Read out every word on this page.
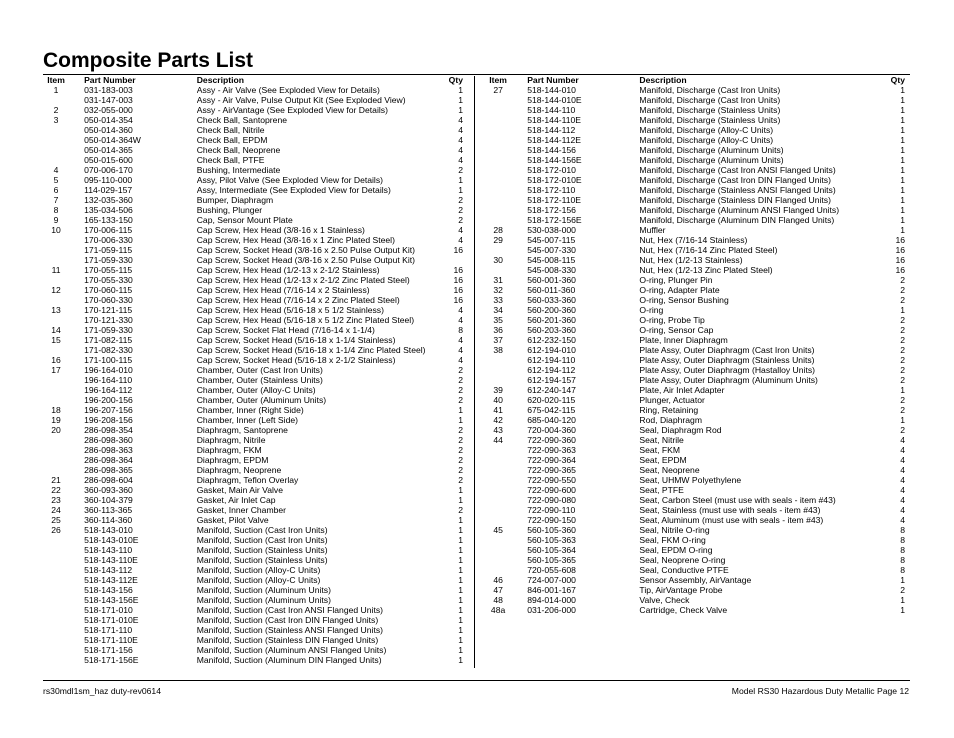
Composite Parts List
Item	Part Number	Description	Qty
1	031-183-003	Assy - Air Valve (See Exploded View for Details)	1
031-147-003	Assy - Air Valve, Pulse Output Kit (See Exploded View)	1
2	032-055-000	Assy - AirVantage (See Exploded View for Details)	1
3	050-014-354	Check Ball, Santoprene	4
050-014-360	Check Ball, Nitrile	4
050-014-364W	Check Ball, EPDM	4
050-014-365	Check Ball, Neoprene	4
050-015-600	Check Ball, PTFE	4
4	070-006-170	Bushing, Intermediate	2
5	095-110-000	Assy, Pilot Valve (See Exploded View for Details)	1
6	114-029-157	Assy, Intermediate (See Exploded View for Details)	1
7	132-035-360	Bumper, Diaphragm	2
8	135-034-506	Bushing, Plunger	2
9	165-133-150	Cap, Sensor Mount Plate	2
10	170-006-115	Cap Screw, Hex Head (3/8-16 x 1 Stainless)	4
170-006-330	Cap Screw, Hex Head (3/8-16 x 1 Zinc Plated Steel)	4
171-059-115	Cap Screw, Socket Head (3/8-16 x 2.50 Pulse Output Kit)	16
171-059-330	Cap Screw, Socket Head (3/8-16 x 2.50 Pulse Output Kit)
11	170-055-115	Cap Screw, Hex Head (1/2-13 x 2-1/2 Stainless)	16
170-055-330	Cap Screw, Hex Head (1/2-13 x 2-1/2 Zinc Plated Steel)	16
12	170-060-115	Cap Screw, Hex Head (7/16-14 x 2 Stainless)	16
170-060-330	Cap Screw, Hex Head (7/16-14 x 2 Zinc Plated Steel)	16
13	170-121-115	Cap Screw, Hex Head (5/16-18 x 5 1/2 Stainless)	4
170-121-330	Cap Screw, Hex Head (5/16-18 x 5 1/2 Zinc Plated Steel)	4
14	171-059-330	Cap Screw, Socket Flat Head (7/16-14 x 1-1/4)	8
15	171-082-115	Cap Screw, Socket Head (5/16-18 x 1-1/4 Stainless)	4
171-082-330	Cap Screw, Socket Head (5/16-18 x 1-1/4 Zinc Plated Steel)	4
16	171-100-115	Cap Screw, Socket Head (5/16-18 x 2-1/2 Stainless)	4
17	196-164-010	Chamber, Outer (Cast Iron Units)	2
196-164-110	Chamber, Outer (Stainless Units)	2
196-164-112	Chamber, Outer (Alloy-C Units)	2
196-200-156	Chamber, Outer (Aluminum Units)	2
18	196-207-156	Chamber, Inner (Right Side)	1
19	196-208-156	Chamber, Inner (Left Side)	1
20	286-098-354	Diaphragm, Santoprene	2
286-098-360	Diaphragm, Nitrile	2
286-098-363	Diaphragm, FKM	2
286-098-364	Diaphragm, EPDM	2
286-098-365	Diaphragm, Neoprene	2
21	286-098-604	Diaphragm, Teflon Overlay	2
22	360-093-360	Gasket, Main Air Valve	1
23	360-104-379	Gasket, Air Inlet Cap	1
24	360-113-365	Gasket, Inner Chamber	2
25	360-114-360	Gasket, Pilot Valve	1
26	518-143-010	Manifold, Suction (Cast Iron Units)	1
518-143-010E	Manifold, Suction (Cast Iron Units)	1
518-143-110	Manifold, Suction (Stainless Units)	1
518-143-110E	Manifold, Suction (Stainless Units)	1
518-143-112	Manifold, Suction (Alloy-C Units)	1
518-143-112E	Manifold, Suction (Alloy-C Units)	1
518-143-156	Manifold, Suction (Aluminum Units)	1
518-143-156E	Manifold, Suction (Aluminum Units)	1
518-171-010	Manifold, Suction (Cast Iron ANSI Flanged Units)	1
518-171-010E	Manifold, Suction (Cast Iron DIN Flanged Units)	1
518-171-110	Manifold, Suction (Stainless ANSI Flanged Units)	1
518-171-110E	Manifold, Suction (Stainless DIN Flanged Units)	1
518-171-156	Manifold, Suction (Aluminum ANSI Flanged Units)	1
518-171-156E	Manifold, Suction (Aluminum DIN Flanged Units)	1
Item	Part Number	Description	Qty
27	518-144-010	Manifold, Discharge (Cast Iron Units)	1
518-144-010E	Manifold, Discharge (Cast Iron Units)	1
518-144-110	Manifold, Discharge (Stainless Units)	1
518-144-110E	Manifold, Discharge (Stainless Units)	1
518-144-112	Manifold, Discharge (Alloy-C Units)	1
518-144-112E	Manifold, Discharge (Alloy-C Units)	1
518-144-156	Manifold, Discharge (Aluminum Units)	1
518-144-156E	Manifold, Discharge (Aluminum Units)	1
518-172-010	Manifold, Discharge (Cast Iron ANSI Flanged Units)	1
518-172-010E	Manifold, Discharge (Cast Iron DIN Flanged Units)	1
518-172-110	Manifold, Discharge (Stainless ANSI Flanged Units)	1
518-172-110E	Manifold, Discharge (Stainless DIN Flanged Units)	1
518-172-156	Manifold, Discharge (Aluminum ANSI Flanged Units)	1
518-172-156E	Manifold, Discharge (Aluminum DIN Flanged Units)	1
28	530-038-000	Muffler	1
29	545-007-115	Nut, Hex (7/16-14 Stainless)	16
545-007-330	Nut, Hex (7/16-14 Zinc Plated Steel)	16
30	545-008-115	Nut, Hex (1/2-13 Stainless)	16
545-008-330	Nut, Hex (1/2-13 Zinc Plated Steel)	16
31	560-001-360	O-ring, Plunger Pin	2
32	560-011-360	O-ring, Adapter Plate	2
33	560-033-360	O-ring, Sensor Bushing	2
34	560-200-360	O-ring	1
35	560-201-360	O-ring, Probe Tip	2
36	560-203-360	O-ring, Sensor Cap	2
37	612-232-150	Plate, Inner Diaphragm	2
38	612-194-010	Plate Assy, Outer Diaphragm (Cast Iron Units)	2
612-194-110	Plate Assy, Outer Diaphragm (Stainless Units)	2
612-194-112	Plate Assy, Outer Diaphragm (Hastalloy Units)	2
612-194-157	Plate Assy, Outer Diaphragm (Aluminum Units)	2
39	612-240-147	Plate, Air Inlet Adapter	1
40	620-020-115	Plunger, Actuator	2
41	675-042-115	Ring, Retaining	2
42	685-040-120	Rod, Diaphragm	1
43	720-004-360	Seal, Diaphragm Rod	2
44	722-090-360	Seat, Nitrile	4
722-090-363	Seat, FKM	4
722-090-364	Seat, EPDM	4
722-090-365	Seat, Neoprene	4
722-090-550	Seat, UHMW Polyethylene	4
722-090-600	Seat, PTFE	4
722-090-080	Seat, Carbon Steel (must use with seals - item #43)	4
722-090-110	Seat, Stainless (must use with seals - item #43)	4
722-090-150	Seat, Aluminum (must use with seals - item #43)	4
45	560-105-360	Seal, Nitrile O-ring	8
560-105-363	Seal, FKM O-ring	8
560-105-364	Seal, EPDM O-ring	8
560-105-365	Seal, Neoprene O-ring	8
720-055-608	Seal, Conductive PTFE	8
46	724-007-000	Sensor Assembly, AirVantage	1
47	846-001-167	Tip, AirVantage Probe	2
48	894-014-000	Valve, Check	1
48a	031-206-000	Cartridge, Check Valve	1
rs30mdl1sm_haz duty-rev0614	Model RS30 Hazardous Duty Metallic Page 12
